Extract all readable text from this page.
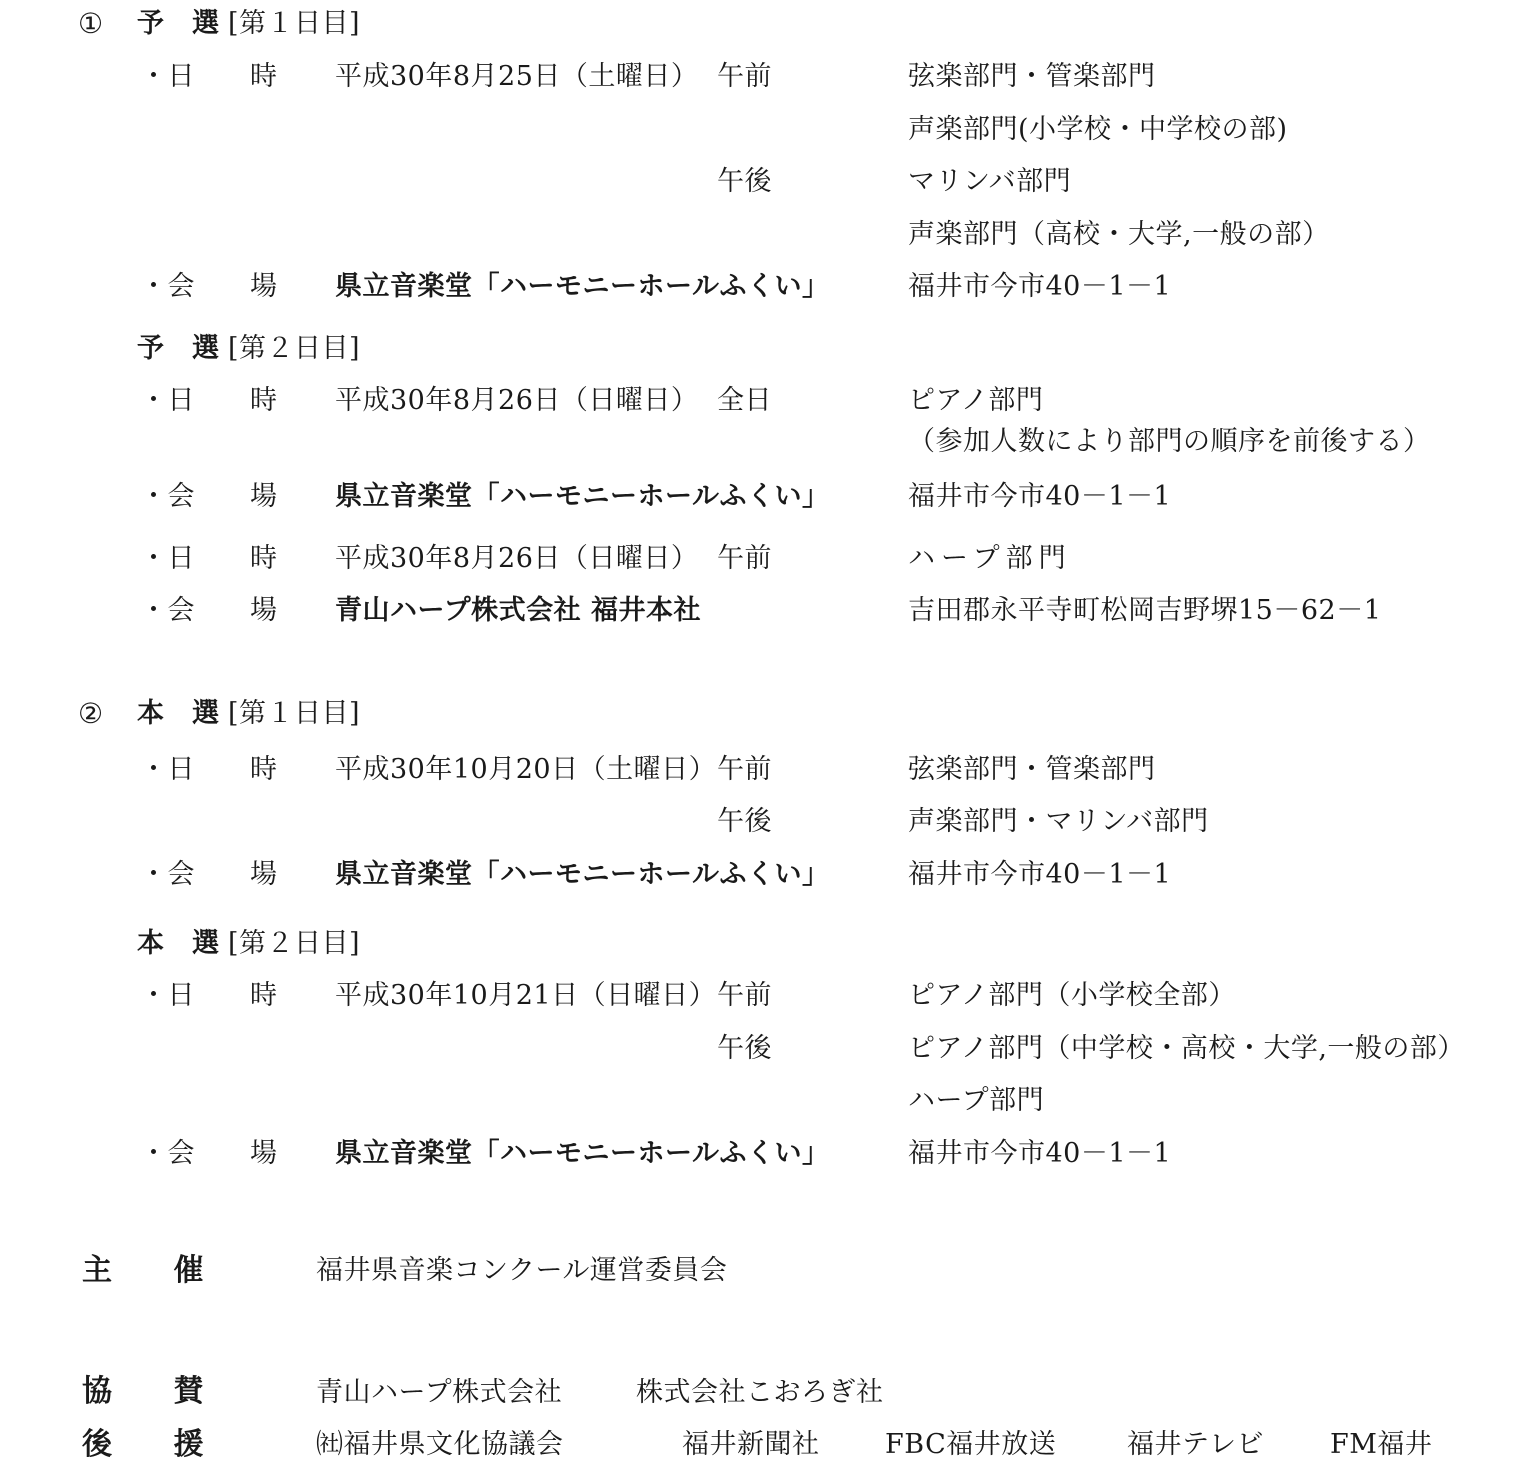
① 予　選 [第１日目]
・日　　時 平成30年8月25日（土曜日） 午前	弦楽部門・管楽部門
声楽部門(小学校・中学校の部)
午後	マリンバ部門
声楽部門（高校・大学,一般の部）
・会　　場 県立音楽堂「ハーモニーホールふくい」	福井市今市40－1－1
予　選 [第２日目]
・日　　時 平成30年8月26日（日曜日） 全日	ピアノ部門
（参加人数により部門の順序を前後する）
・会　　場 県立音楽堂「ハーモニーホールふくい」	福井市今市40－1－1
・日　　時 平成30年8月26日（日曜日） 午前	ハープ部門
・会　　場 青山ハープ株式会社 福井本社	吉田郡永平寺町松岡吉野堺15－62－1
② 本　選 [第１日目]
・日　　時 平成30年10月20日（土曜日） 午前	弦楽部門・管楽部門
午後	声楽部門・マリンバ部門
・会　　場 県立音楽堂「ハーモニーホールふくい」	福井市今市40－1－1
本　選 [第２日目]
・日　　時 平成30年10月21日（日曜日） 午前	ピアノ部門（小学校全部）
午後	ピアノ部門（中学校・高校・大学,一般の部）
ハープ部門
・会　　場 県立音楽堂「ハーモニーホールふくい」	福井市今市40－1－1
主　　催	福井県音楽コンクール運営委員会
協　　賛	青山ハープ株式会社	株式会社こおろぎ社
後　　援	㈳福井県文化協議会	福井新聞社 FBC福井放送	福井テレビ FM福井
